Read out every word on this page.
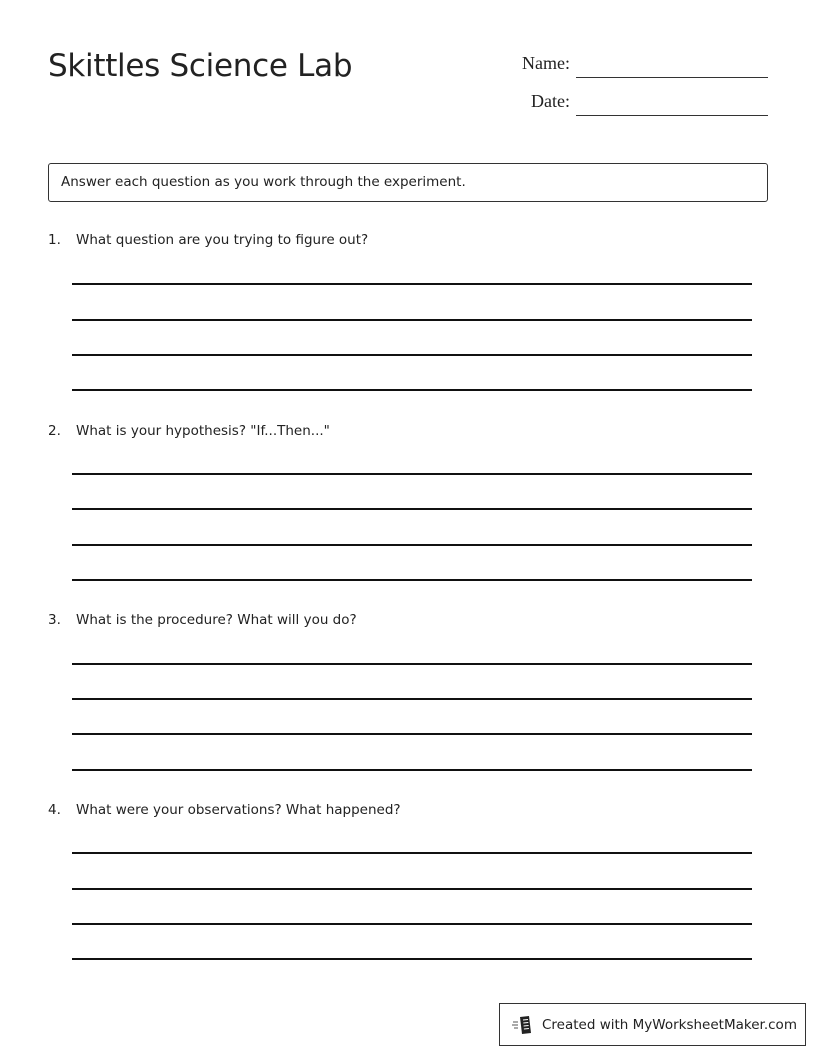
Skittles Science Lab	Name:
Date:
Answer each question as you work through the experiment.
1. What question are you trying to figure out?
2. What is your hypothesis? "If...Then..."
3. What is the procedure? What will you do?
4. What were your observations? What happened?
Created with MyWorksheetMaker.com
